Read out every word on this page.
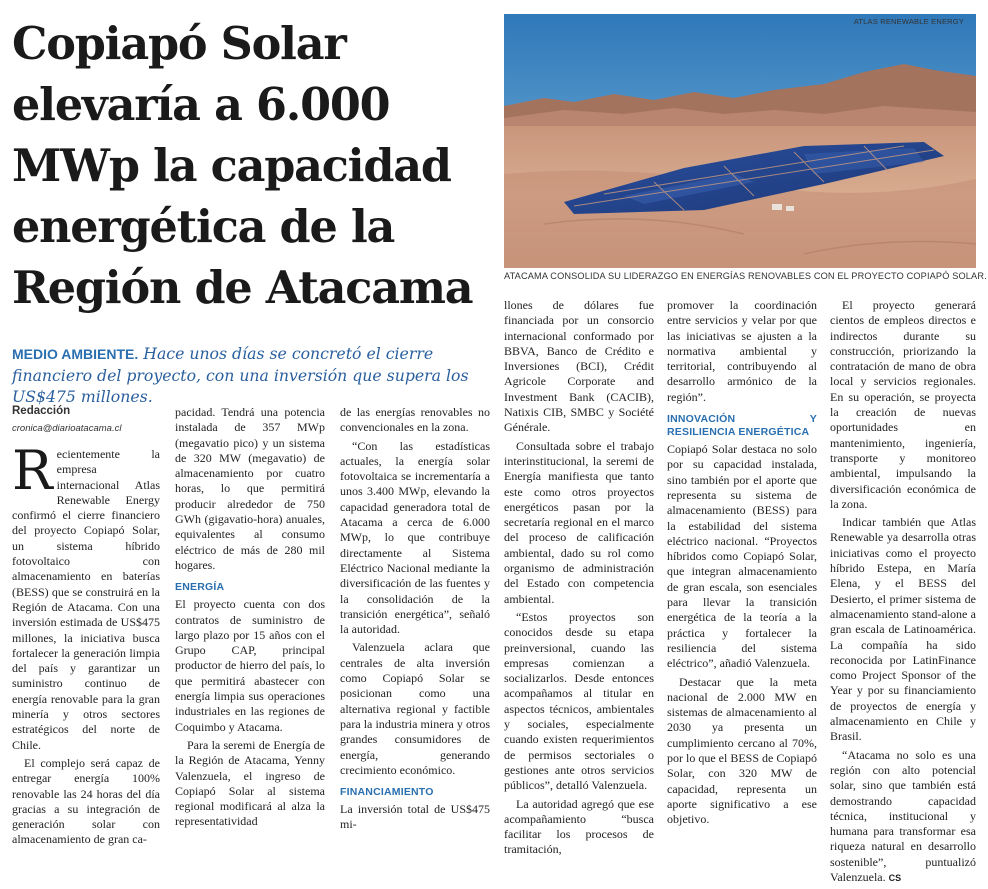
Copiapó Solar
elevaría a 6.000
MWp la capacidad
energética de la
Región de Atacama
ATLAS RENEWABLE ENERGY
ATACAMA CONSOLIDA SU LIDERAZGO EN ENERGÍAS RENOVABLES CON EL PROYECTO COPIAPÓ SOLAR.

MEDIO AMBIENTE. Hace unos días se concretó el cierre financiero del proyecto, con una inversión que supera los US$475 millones.

Redacción
cronica@diarioatacama.cl

Recientemente la empresa internacional Atlas Renewable Energy confirmó el cierre financiero del proyecto Copiapó Solar, un sistema híbrido fotovoltaico con almacenamiento en baterías (BESS) que se construirá en la Región de Atacama. Con una inversión estimada de US$475 millones, la iniciativa busca fortalecer la generación limpia del país y garantizar un suministro continuo de energía renovable para la gran minería y otros sectores estratégicos del norte de Chile.

El complejo será capaz de entregar energía 100% renovable las 24 horas del día gracias a su integración de generación solar con almacenamiento de gran ca-

pacidad. Tendrá una potencia instalada de 357 MWp (megavatio pico) y un sistema de 320 MW (megavatio) de almacenamiento por cuatro horas, lo que permitirá producir alrededor de 750 GWh (gigavatio-hora) anuales, equivalentes al consumo eléctrico de más de 280 mil hogares.

ENERGÍA

El proyecto cuenta con dos contratos de suministro de largo plazo por 15 años con el Grupo CAP, principal productor de hierro del país, lo que permitirá abastecer con energía limpia sus operaciones industriales en las regiones de Coquimbo y Atacama.

Para la seremi de Energía de la Región de Atacama, Yenny Valenzuela, el ingreso de Copiapó Solar al sistema regional modificará al alza la representatividad

de las energías renovables no convencionales en la zona.

“Con las estadísticas actuales, la energía solar fotovoltaica se incrementaría a unos 3.400 MWp, elevando la capacidad generadora total de Atacama a cerca de 6.000 MWp, lo que contribuye directamente al Sistema Eléctrico Nacional mediante la diversificación de las fuentes y la consolidación de la transición energética”, señaló la autoridad.

Valenzuela aclara que centrales de alta inversión como Copiapó Solar se posicionan como una alternativa regional y factible para la industria minera y otros grandes consumidores de energía, generando crecimiento económico.

FINANCIAMIENTO

La inversión total de US$475 mi-

llones de dólares fue financiada por un consorcio internacional conformado por BBVA, Banco de Crédito e Inversiones (BCI), Crédit Agricole Corporate and Investment Bank (CACIB), Natixis CIB, SMBC y Société Générale.

Consultada sobre el trabajo interinstitucional, la seremi de Energía manifiesta que tanto este como otros proyectos energéticos pasan por la secretaría regional en el marco del proceso de calificación ambiental, dado su rol como organismo de administración del Estado con competencia ambiental.

“Estos proyectos son conocidos desde su etapa preinversional, cuando las empresas comienzan a socializarlos. Desde entonces acompañamos al titular en aspectos técnicos, ambientales y sociales, especialmente cuando existen requerimientos de permisos sectoriales o gestiones ante otros servicios públicos”, detalló Valenzuela.

La autoridad agregó que ese acompañamiento “busca facilitar los procesos de tramitación,

promover la coordinación entre servicios y velar por que las iniciativas se ajusten a la normativa ambiental y territorial, contribuyendo al desarrollo armónico de la región”.

INNOVACIÓN Y RESILIENCIA ENERGÉTICA

Copiapó Solar destaca no solo por su capacidad instalada, sino también por el aporte que representa su sistema de almacenamiento (BESS) para la estabilidad del sistema eléctrico nacional. “Proyectos híbridos como Copiapó Solar, que integran almacenamiento de gran escala, son esenciales para llevar la transición energética de la teoría a la práctica y fortalecer la resiliencia del sistema eléctrico”, añadió Valenzuela.

Destacar que la meta nacional de 2.000 MW en sistemas de almacenamiento al 2030 ya presenta un cumplimiento cercano al 70%, por lo que el BESS de Copiapó Solar, con 320 MW de capacidad, representa un aporte significativo a ese objetivo.

El proyecto generará cientos de empleos directos e indirectos durante su construcción, priorizando la contratación de mano de obra local y servicios regionales. En su operación, se proyecta la creación de nuevas oportunidades en mantenimiento, ingeniería, transporte y monitoreo ambiental, impulsando la diversificación económica de la zona.

Indicar también que Atlas Renewable ya desarrolla otras iniciativas como el proyecto híbrido Estepa, en María Elena, y el BESS del Desierto, el primer sistema de almacenamiento stand-alone a gran escala de Latinoamérica. La compañía ha sido reconocida por LatinFinance como Project Sponsor of the Year y por su financiamiento de proyectos de energía y almacenamiento en Chile y Brasil.

“Atacama no solo es una región con alto potencial solar, sino que también está demostrando capacidad técnica, institucional y humana para transformar esa riqueza natural en desarrollo sostenible”, puntualizó Valenzuela. CS
